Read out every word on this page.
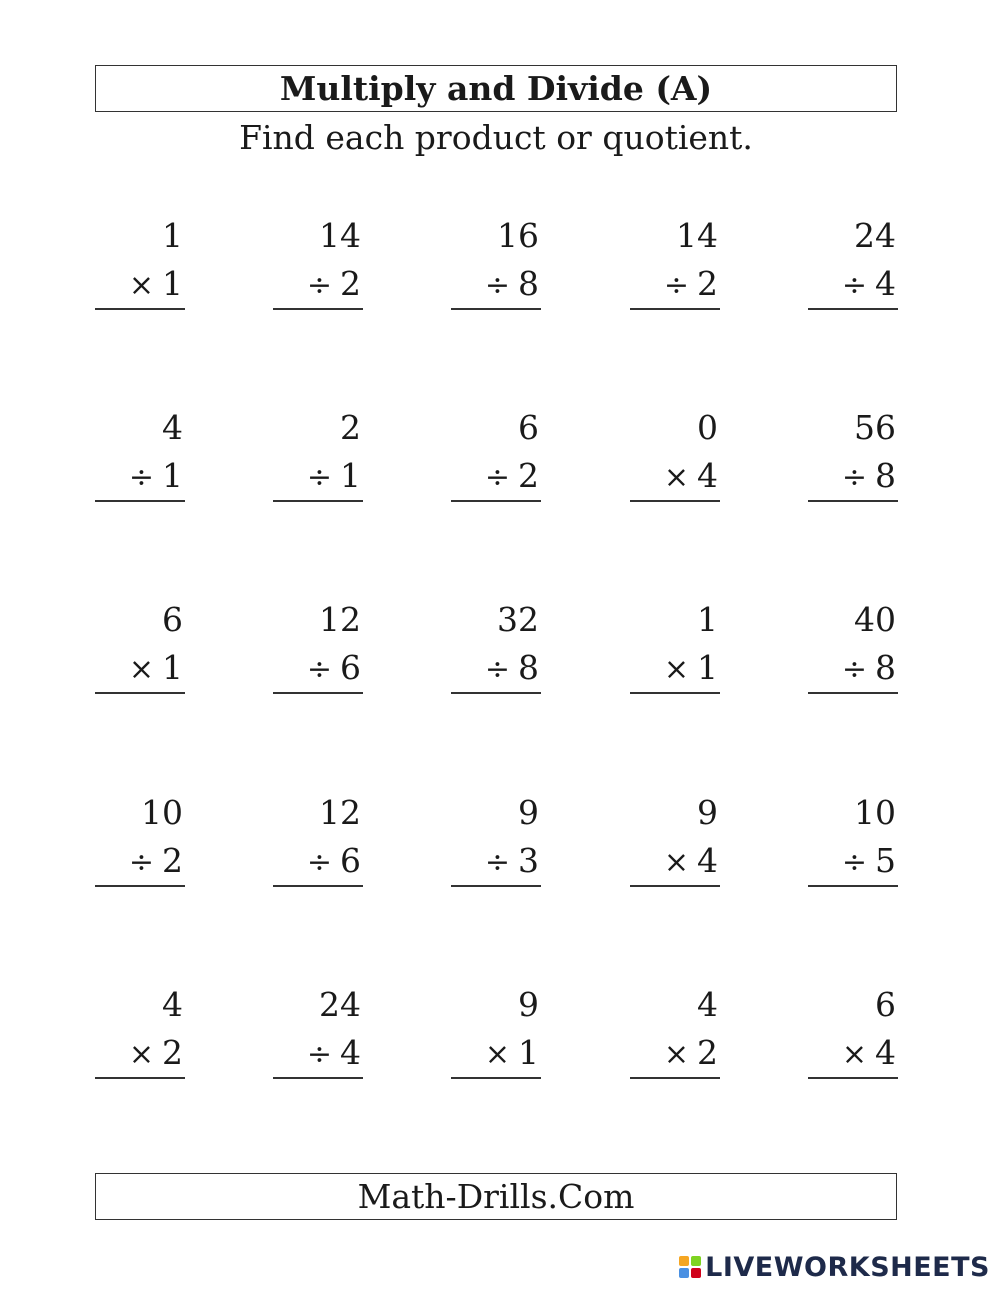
Multiply and Divide (A)
Find each product or quotient.
1
× 1
14
÷ 2
16
÷ 8
14
÷ 2
24
÷ 4
4
÷ 1
2
÷ 1
6
÷ 2
0
× 4
56
÷ 8
6
× 1
12
÷ 6
32
÷ 8
1
× 1
40
÷ 8
10
÷ 2
12
÷ 6
9
÷ 3
9
× 4
10
÷ 5
4
× 2
24
÷ 4
9
× 1
4
× 2
6
× 4
Math-Drills.Com
LIVEWORKSHEETS
